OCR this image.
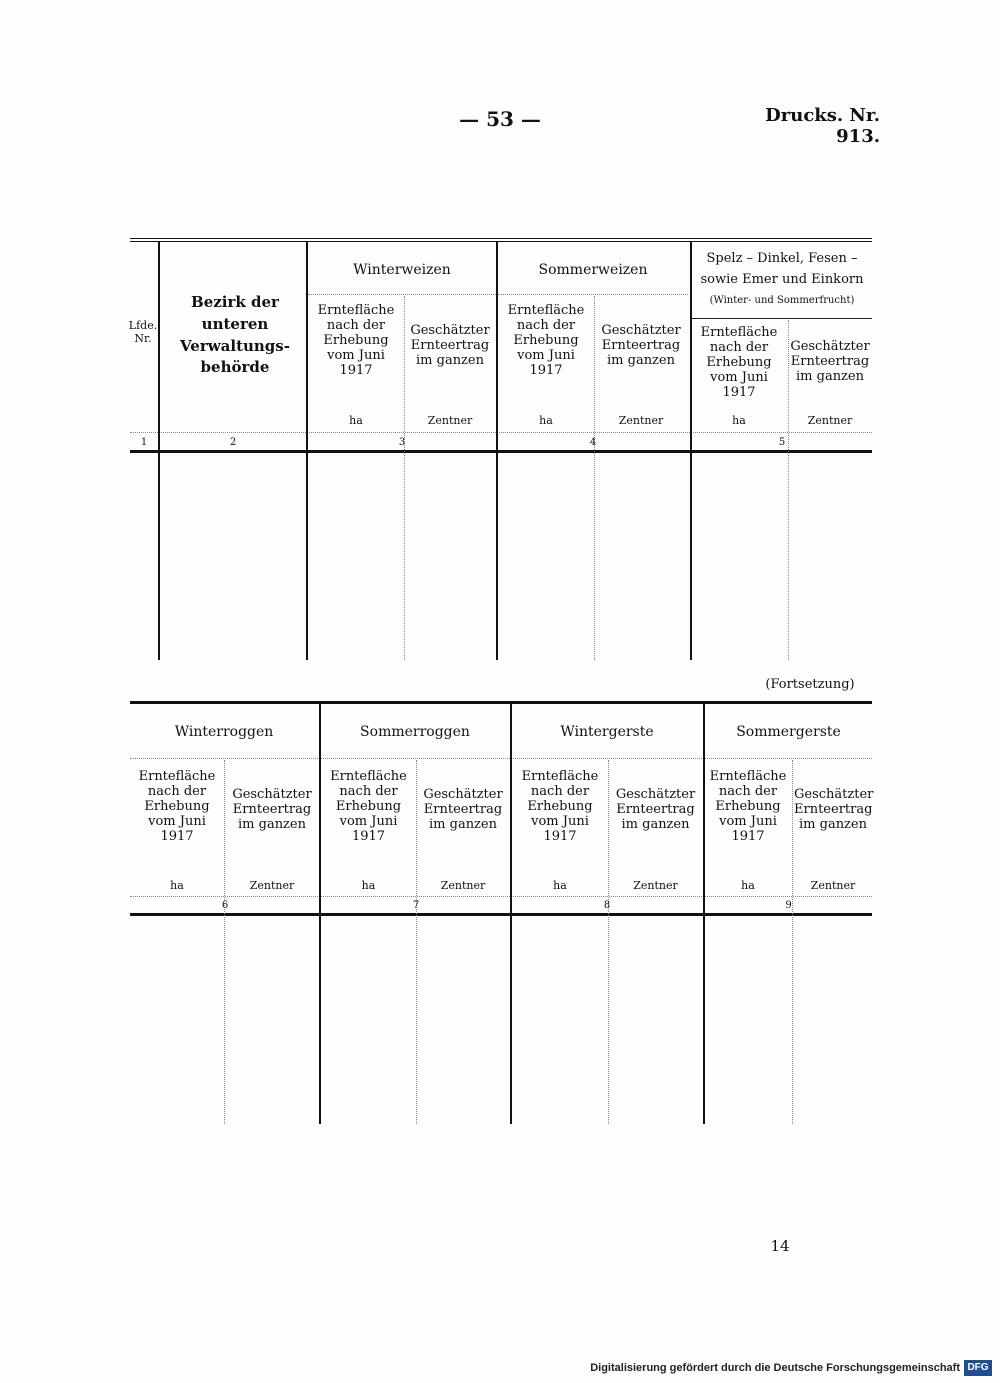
— 53 —	Drucks. Nr. 913.
Lfde. Nr.
Bezirk der unteren Verwaltungs- behörde
Winterweizen
Erntefläche nach der Erhebung vom Juni 1917
Geschätzter Ernteertrag im ganzen
ha	Zentner
Sommerweizen
Erntefläche nach der Erhebung vom Juni 1917
Geschätzter Ernteertrag im ganzen
ha	Zentner
Spelz – Dinkel, Fesen –
sowie Emer und Einkorn
(Winter- und Sommerfrucht)
Erntefläche nach der Erhebung vom Juni 1917
Geschätzter Ernteertrag im ganzen
ha	Zentner
1	2	3	4	5
(Fortsetzung)
Winterroggen	Sommerroggen	Wintergerste	Sommergerste
Erntefläche nach der Erhebung vom Juni 1917
Geschätzter Ernteertrag im ganzen
Erntefläche nach der Erhebung vom Juni 1917
Geschätzter Ernteertrag im ganzen
Erntefläche nach der Erhebung vom Juni 1917
Geschätzter Ernteertrag im ganzen
Erntefläche nach der Erhebung vom Juni 1917
Geschätzter Ernteertrag im ganzen
ha	Zentner	ha	Zentner	ha	Zentner	ha	Zentner
6	7	8	9
14
Digitalisierung gefördert durch die Deutsche Forschungsgemeinschaft DFG
